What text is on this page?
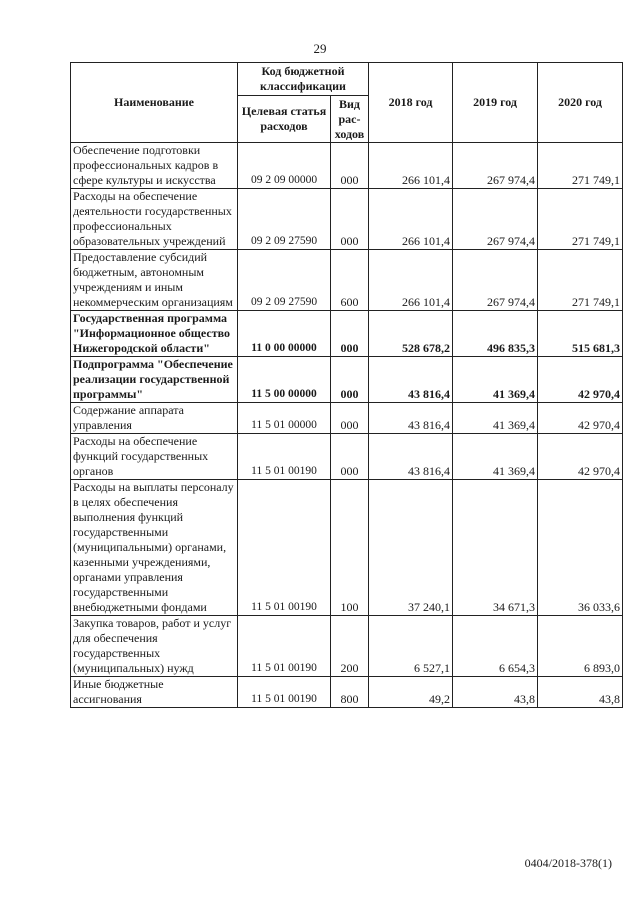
29
Наименование	Код бюджетной классификации		2018 год	2019 год	2020 год
	Целевая статья расходов	Вид рас-ходов			
Обеспечение подготовки профессиональных кадров в сфере культуры и искусства	09 2 09 00000	000	266 101,4	267 974,4	271 749,1
Расходы на обеспечение деятельности государственных профессиональных образовательных учреждений	09 2 09 27590	000	266 101,4	267 974,4	271 749,1
Предоставление субсидий бюджетным, автономным учреждениям и иным некоммерческим организациям	09 2 09 27590	600	266 101,4	267 974,4	271 749,1
Государственная программа "Информационное общество Нижегородской области"	11 0 00 00000	000	528 678,2	496 835,3	515 681,3
Подпрограмма "Обеспечение реализации государственной программы"	11 5 00 00000	000	43 816,4	41 369,4	42 970,4
Содержание аппарата управления	11 5 01 00000	000	43 816,4	41 369,4	42 970,4
Расходы на обеспечение функций государственных органов	11 5 01 00190	000	43 816,4	41 369,4	42 970,4
Расходы на выплаты персоналу в целях обеспечения выполнения функций государственными (муниципальными) органами, казенными учреждениями, органами управления государственными внебюджетными фондами	11 5 01 00190	100	37 240,1	34 671,3	36 033,6
Закупка товаров, работ и услуг для обеспечения государственных (муниципальных) нужд	11 5 01 00190	200	6 527,1	6 654,3	6 893,0
Иные бюджетные ассигнования	11 5 01 00190	800	49,2	43,8	43,8
0404/2018-378(1)
